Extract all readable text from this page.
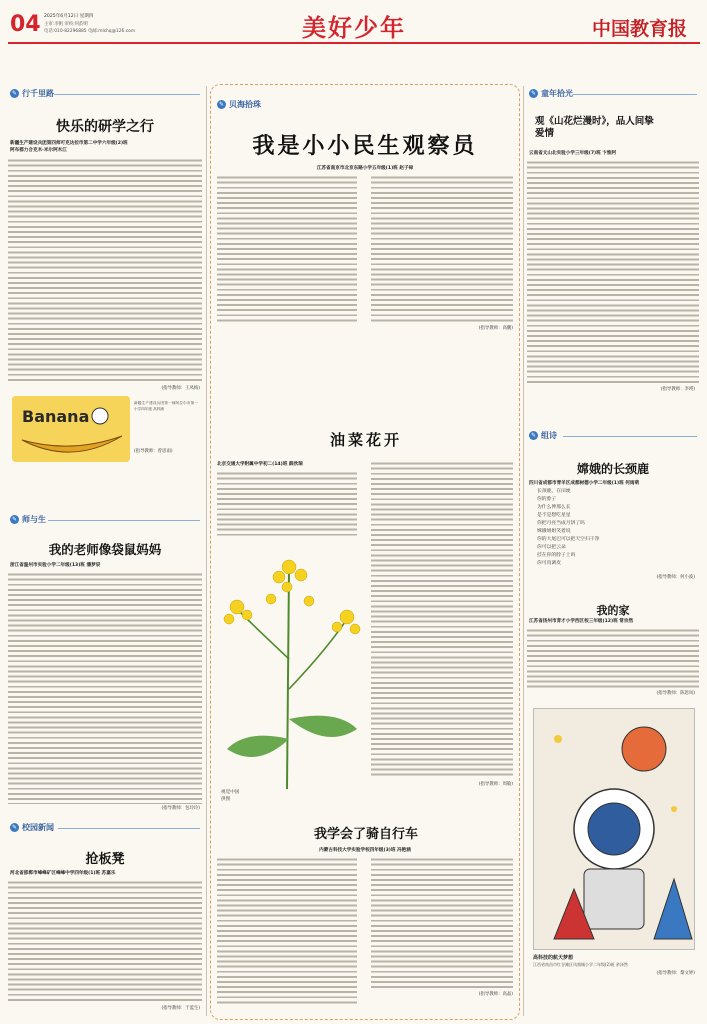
04 2025年6月12日 星期四
主审:李帆 审校:何韵明
电话:010-82296885 电邮:mlshq@126.com	美好少年	中国教育报
✎ 行千里路
快乐的研学之行
新疆生产建设兵团第四师可克达拉市第二中学六年级(2)班
阿布都力合克木·米尔阿木江
(指导教师：王凤梅)
Banana
新疆生产建设兵团第一师阿拉尔市第一小学四年级 高梓涵
(指导教师：曾思雨)
✎ 师与生
我的老师像袋鼠妈妈
浙江省温州市实验小学二年级(13)班 潘梦辰
(指导教师：包玲玲)
✎ 校园新闻
抢板凳
河北省邯郸市峰峰矿区峰峰中学四年级(1)班 苏嘉乐
(指导教师：于蓝生)
✎ 贝海拾珠
我是小小民生观察员
江苏省南京市北京东路小学五年级(1)班 赵子禄
(指导教师：高鹏)
油菜花开
北京交通大学附属中学初二(14)班 薛欣瑞
(指导教师：周敏)
视觉中国
供图
我学会了骑自行车
内蒙古科技大学实验学校四年级(3)班 冯艳涵
(指导教师：高晶)
✎ 童年拾光
观《山花烂漫时》，品人间挚爱情
云南省文山北实验小学三年级(7)班 卞惟阿
(指导教师：李瑛)
✎ 组诗
嫦娥的长颈鹿
四川省成都市青羊区成都树德小学二年级(1)班 何雨萌
长颈鹿，在田埂
你的脖子
为什么伸那么长
是不是想吃星星
你把月亮当成月饼了吗
嫦娥姐姐笑着说
你的大尾巴可以把天空扫干净
你可以把云朵
挂在你的脖子上吗
你可真调皮
(指导教师：何小波)
我的家
江苏省扬州市育才小学西区校三年级(12)班 常宗然
(指导教师：陈恩凤)
高科技的航天梦想
江西省南昌市红谷滩区凤凰城小学二年级(2)班 余泽然
(指导教师：黎文婷)
